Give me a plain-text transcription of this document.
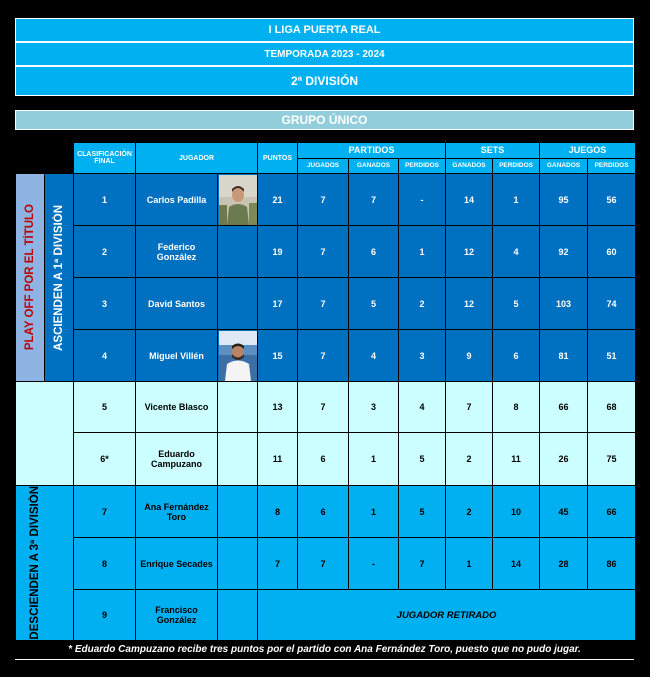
I LIGA PUERTA REAL
TEMPORADA 2023 - 2024
2ª DIVISIÓN
GRUPO ÚNICO
		CLASIFICACIÓN FINAL	JUGADOR		PUNTOS	PARTIDOS			SETS		JUEGOS	
						JUGADOS	GANADOS	PERDIDOS	GANADOS	PERDIDOS	GANADOS	PERDIDOS

PLAY OFF POR EL TÍTULO	ASCIENDEN A 1ª DIVISIÓN	1	Carlos Padilla		21	7	7	-	14	1	95	56
		2	Federico González		19	7	6	1	12	4	92	60
		3	David Santos		17	7	5	2	12	5	103	74
		4	Miguel Villén		15	7	4	3	9	6	81	51
		5	Vicente Blasco		13	7	3	4	7	8	66	68
		6*	Eduardo Campuzano		11	6	1	5	2	11	26	75

DESCIENDEN A 3ª DIVISIÓN		7	Ana Fernández Toro		8	6	1	5	2	10	45	66
		8	Enrique Secades		7	7	-	7	1	14	28	86
		9	Francisco González		JUGADOR RETIRADO							
* Eduardo Campuzano recibe tres puntos por el partido con Ana Fernández Toro, puesto que no pudo jugar.
